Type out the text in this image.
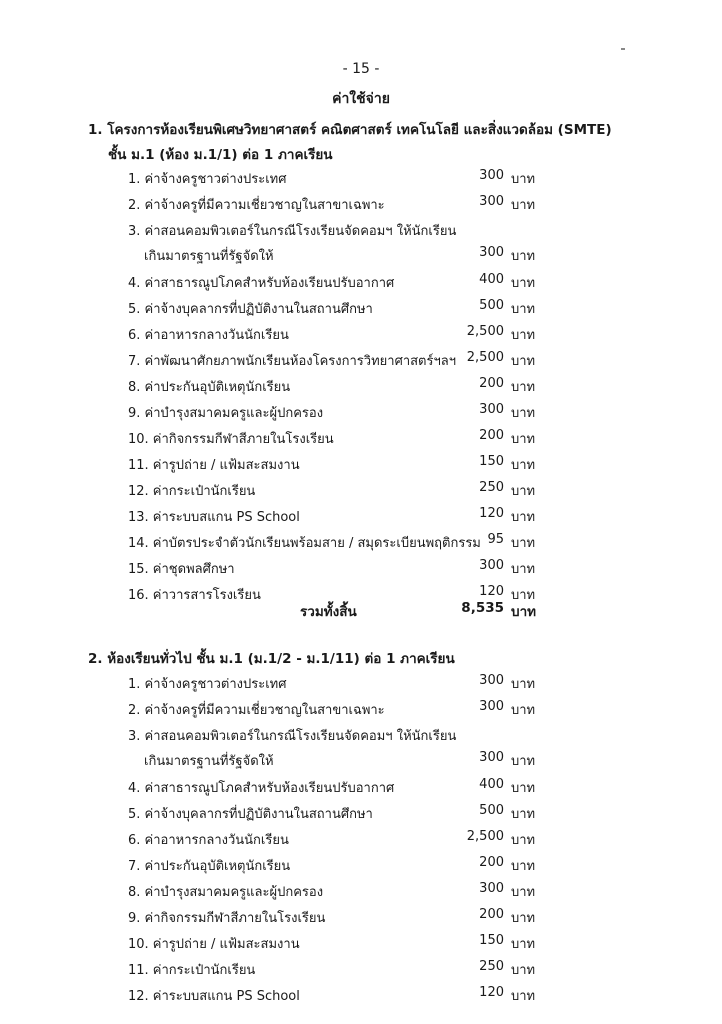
- 15 -
ค่าใช้จ่าย
1. โครงการห้องเรียนพิเศษวิทยาศาสตร์ คณิตศาสตร์ เทคโนโลยี และสิ่งแวดล้อม (SMTE)
ชั้น ม.1 (ห้อง ม.1/1) ต่อ 1 ภาคเรียน
1. ค่าจ้างครูชาวต่างประเทศ	300 บาท
2. ค่าจ้างครูที่มีความเชี่ยวชาญในสาขาเฉพาะ	300 บาท
3. ค่าสอนคอมพิวเตอร์ในกรณีโรงเรียนจัดคอมฯ ให้นักเรียน
เกินมาตรฐานที่รัฐจัดให้	300 บาท
4. ค่าสาธารณูปโภคสำหรับห้องเรียนปรับอากาศ	400 บาท
5. ค่าจ้างบุคลากรที่ปฏิบัติงานในสถานศึกษา	500 บาท
6. ค่าอาหารกลางวันนักเรียน	2,500 บาท
7. ค่าพัฒนาศักยภาพนักเรียนห้องโครงการวิทยาศาสตร์ฯลฯ 2,500 บาท
8. ค่าประกันอุบัติเหตุนักเรียน	200 บาท
9. ค่าบำรุงสมาคมครูและผู้ปกครอง	300 บาท
10. ค่ากิจกรรมกีฬาสีภายในโรงเรียน	200 บาท
11. ค่ารูปถ่าย / แฟ้มสะสมงาน	150 บาท
12. ค่ากระเป๋านักเรียน	250 บาท
13. ค่าระบบสแกน PS School	120 บาท
14. ค่าบัตรประจำตัวนักเรียนพร้อมสาย / สมุดระเบียนพฤติกรรม 95 บาท
15. ค่าชุดพลศึกษา	300 บาท
16. ค่าวารสารโรงเรียน	120 บาท
รวมทั้งสิ้น	8,535 บาท
2. ห้องเรียนทั่วไป ชั้น ม.1 (ม.1/2 - ม.1/11) ต่อ 1 ภาคเรียน
1. ค่าจ้างครูชาวต่างประเทศ	300 บาท
2. ค่าจ้างครูที่มีความเชี่ยวชาญในสาขาเฉพาะ	300 บาท
3. ค่าสอนคอมพิวเตอร์ในกรณีโรงเรียนจัดคอมฯ ให้นักเรียน
เกินมาตรฐานที่รัฐจัดให้	300 บาท
4. ค่าสาธารณูปโภคสำหรับห้องเรียนปรับอากาศ	400 บาท
5. ค่าจ้างบุคลากรที่ปฏิบัติงานในสถานศึกษา	500 บาท
6. ค่าอาหารกลางวันนักเรียน	2,500 บาท
7. ค่าประกันอุบัติเหตุนักเรียน	200 บาท
8. ค่าบำรุงสมาคมครูและผู้ปกครอง	300 บาท
9. ค่ากิจกรรมกีฬาสีภายในโรงเรียน	200 บาท
10. ค่ารูปถ่าย / แฟ้มสะสมงาน	150 บาท
11. ค่ากระเป๋านักเรียน	250 บาท
12. ค่าระบบสแกน PS School	120 บาท
